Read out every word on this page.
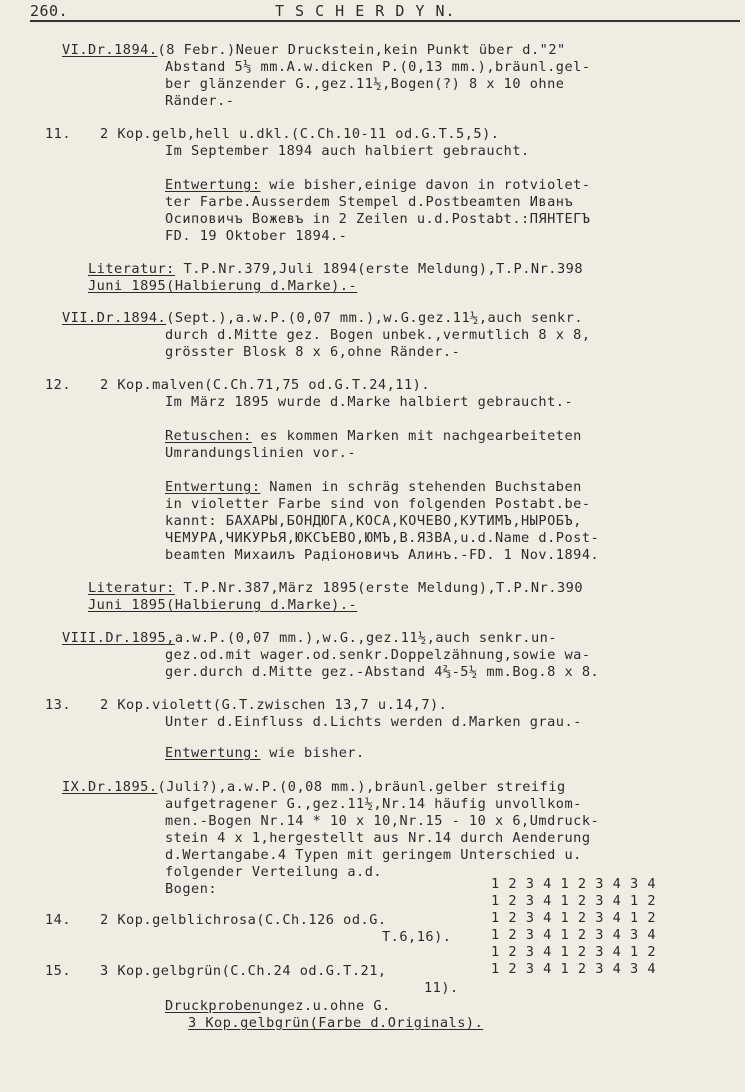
260.	T S C H E R D Y N.
VI.Dr.1894.(8 Febr.)Neuer Druckstein,kein Punkt über d."2"
Abstand 5⅓ mm.A.w.dicken P.(0,13 mm.),bräunl.gel-
ber glänzender G.,gez.11½,Bogen(?) 8 x 10 ohne
Ränder.-
11. 2 Kop.gelb,hell u.dkl.(C.Ch.10-11 od.G.T.5,5).
Im September 1894 auch halbiert gebraucht.
Entwertung: wie bisher,einige davon in rotviolet-
ter Farbe.Ausserdem Stempel d.Postbeamten Иванъ
Осиповичъ Вожевъ in 2 Zeilen u.d.Postabt.:ПЯНТЕГЪ
FD. 19 Oktober 1894.-
Literatur: T.P.Nr.379,Juli 1894(erste Meldung),T.P.Nr.398
Juni 1895(Halbierung d.Marke).-
VII.Dr.1894.(Sept.),a.w.P.(0,07 mm.),w.G.gez.11½,auch senkr.
durch d.Mitte gez. Bogen unbek.,vermutlich 8 x 8,
grösster Blosk 8 x 6,ohne Ränder.-
12. 2 Kop.malven(C.Ch.71,75 od.G.T.24,11).
Im März 1895 wurde d.Marke halbiert gebraucht.-
Retuschen: es kommen Marken mit nachgearbeiteten
Umrandungslinien vor.-
Entwertung: Namen in schräg stehenden Buchstaben
in violetter Farbe sind von folgenden Postabt.be-
kannt: БАХАРЫ,БОНДЮГА,КОСА,КОЧЕВО,КУТИМЪ,НЫРОБЪ,
ЧЕМУРА,ЧИКУРЬЯ,ЮКСЪЕВО,ЮМЪ,В.ЯЗВА,u.d.Name d.Post-
beamten Михаилъ Радіоновичъ Алинъ.-FD. 1 Nov.1894.
Literatur: T.P.Nr.387,März 1895(erste Meldung),T.P.Nr.390
Juni 1895(Halbierung d.Marke).-
VIII.Dr.1895,a.w.P.(0,07 mm.),w.G.,gez.11½,auch senkr.un-
gez.od.mit wager.od.senkr.Doppelzähnung,sowie wa-
ger.durch d.Mitte gez.-Abstand 4⅔-5½ mm.Bog.8 x 8.
13. 2 Kop.violett(G.T.zwischen 13,7 u.14,7).
Unter d.Einfluss d.Lichts werden d.Marken grau.-
Entwertung: wie bisher.
IX.Dr.1895.(Juli?),a.w.P.(0,08 mm.),bräunl.gelber streifig
aufgetragener G.,gez.11½,Nr.14 häufig unvollkom-
men.-Bogen Nr.14 * 10 x 10,Nr.15 - 10 x 6,Umdruck-
stein 4 x 1,hergestellt aus Nr.14 durch Aenderung
d.Wertangabe.4 Typen mit geringem Unterschied u.
folgender Verteilung a.d.
Bogen:	1 2 3 4 1 2 3 4 3 4
1 2 3 4 1 2 3 4 1 2
1 2 3 4 1 2 3 4 1 2
1 2 3 4 1 2 3 4 3 4
1 2 3 4 1 2 3 4 1 2
1 2 3 4 1 2 3 4 3 4
14. 2 Kop.gelblichrosa(C.Ch.126 od.G.
T.6,16).
15. 3 Kop.gelbgrün(C.Ch.24 od.G.T.21,
11).
Druckprobenungez.u.ohne G.
3 Kop.gelbgrün(Farbe d.Originals).
